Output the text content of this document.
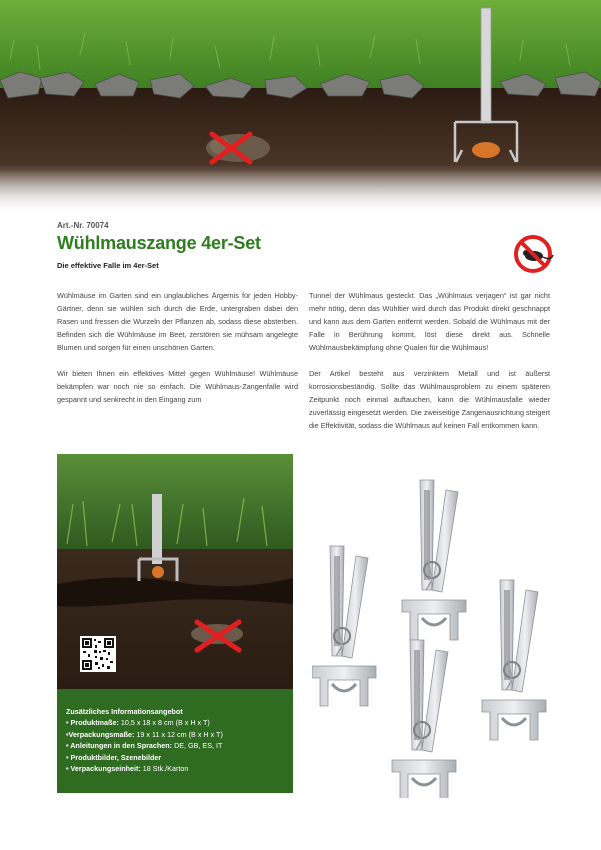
Art.-Nr. 70074
Wühlmauszange 4er-Set
Die effektive Falle im 4er-Set

Wühlmäuse im Garten sind ein unglaubliches Ärgernis für jeden Hobby-Gärtner, denn sie wühlen sich durch die Erde, untergraben dabei den Rasen und fressen die Wurzeln der Pflanzen ab, sodass diese absterben. Befinden sich die Wühlmäuse im Beet, zerstören sie mühsam angelegte Blumen und sorgen für einen unschönen Garten.

Wir bieten Ihnen ein effektives Mittel gegen Wühlmäuse! Wühlmäuse bekämpfen war noch nie so einfach. Die Wühlmaus-Zangenfalle wird gespannt und senkrecht in den Eingang zum

Tunnel der Wühlmaus gesteckt. Das „Wühlmaus verjagen“ ist gar nicht mehr nötig, denn das Wühltier wird durch das Produkt direkt geschnappt und kann aus dem Garten entfernt werden. Sobald die Wühlmaus mit der Falle in Berührung kommt, löst diese direkt aus. Schnelle Wühlmausbekämpfung ohne Qualen für die Wühlmaus!

Der Artikel besteht aus verzinktem Metall und ist äußerst korrosionsbeständig. Sollte das Wühlmausproblem zu einem späteren Zeitpunkt noch einmal auftauchen, kann die Wühlmausfalle wieder zuverlässig eingesetzt werden. Die zweiseitige Zangenausrichtung steigert die Effektivität, sodass die Wühlmaus auf keinen Fall entkommen kann.

Zusätzliches Informationsangebot
• Produktmaße: 10,5 x 18 x 8 cm (B x H x T)
•Verpackungsmaße: 19 x 11 x 12 cm (B x H x T)
• Anleitungen in den Sprachen: DE, GB, ES, IT
• Produktbilder, Szenebilder
• Verpackungseinheit: 18 Stk./Karton
